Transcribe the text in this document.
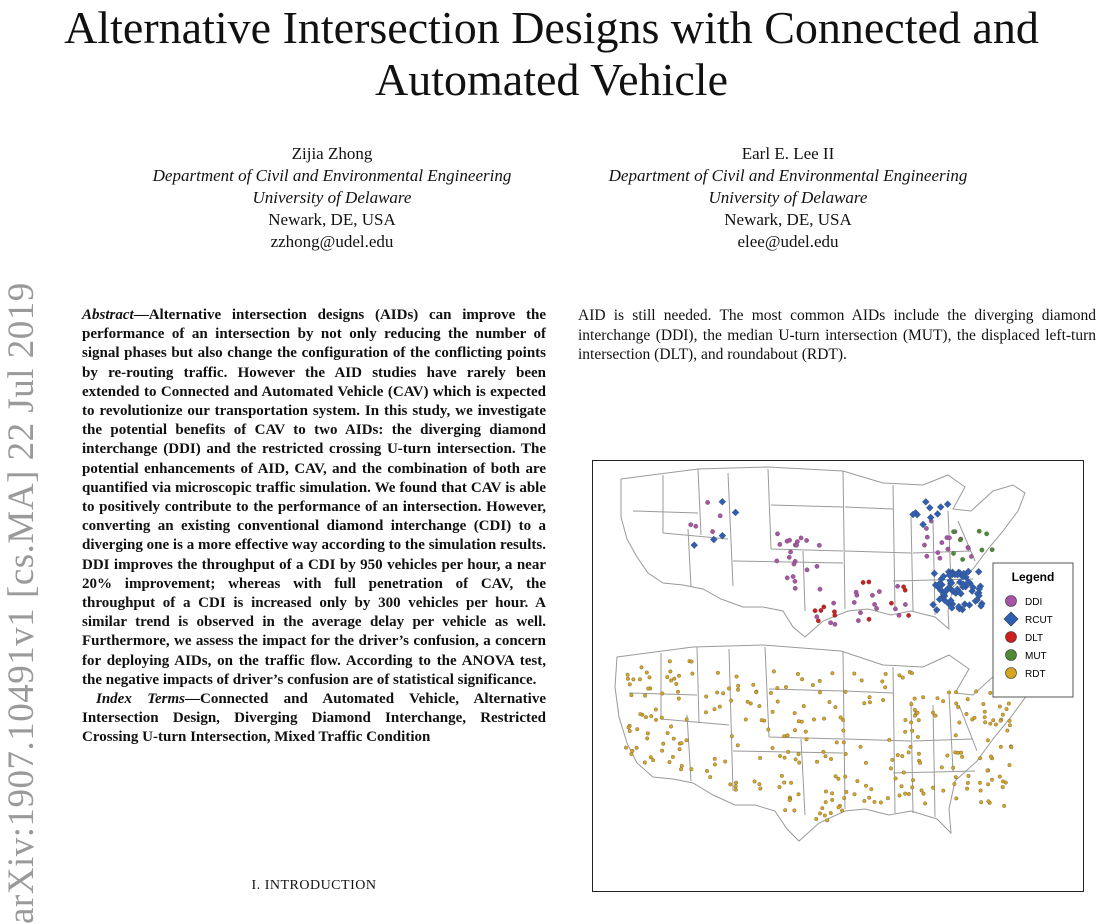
Alternative Intersection Designs with Connected and Automated Vehicle
Zijia Zhong
Department of Civil and Environmental Engineering
University of Delaware
Newark, DE, USA
zzhong@udel.edu
Earl E. Lee II
Department of Civil and Environmental Engineering
University of Delaware
Newark, DE, USA
elee@udel.edu
arXiv:1907.10491v1 [cs.MA] 22 Jul 2019	Abstract—Alternative intersection designs (AIDs) can improve the performance of an intersection by not only reducing the number of signal phases but also change the configuration of the conflicting points by re-routing traffic. However the AID studies have rarely been extended to Connected and Automated Vehicle (CAV) which is expected to revolutionize our transportation system. In this study, we investigate the potential benefits of CAV to two AIDs: the diverging diamond interchange (DDI) and the restricted crossing U-turn intersection. The potential enhancements of AID, CAV, and the combination of both are quantified via microscopic traffic simulation. We found that CAV is able to positively contribute to the performance of an intersection. However, converting an existing conventional diamond interchange (CDI) to a diverging one is a more effective way according to the simulation results. DDI improves the throughput of a CDI by 950 vehicles per hour, a near 20% improvement; whereas with full penetration of CAV, the throughput of a CDI is increased only by 300 vehicles per hour. A similar trend is observed in the average delay per vehicle as well. Furthermore, we assess the impact for the driver’s confusion, a concern for deploying AIDs, on the traffic flow. According to the ANOVA test, the negative impacts of driver’s confusion are of statistical significance.

Index Terms—Connected and Automated Vehicle, Alternative Intersection Design, Diverging Diamond Interchange, Restricted Crossing U-turn Intersection, Mixed Traffic Condition

I. INTRODUCTION

AID is still needed. The most common AIDs include the diverging diamond interchange (DDI), the median U-turn intersection (MUT), the displaced left-turn intersection (DLT), and roundabout (RDT).

Legend
DDI
RCUT
DLT
MUT
RDT
